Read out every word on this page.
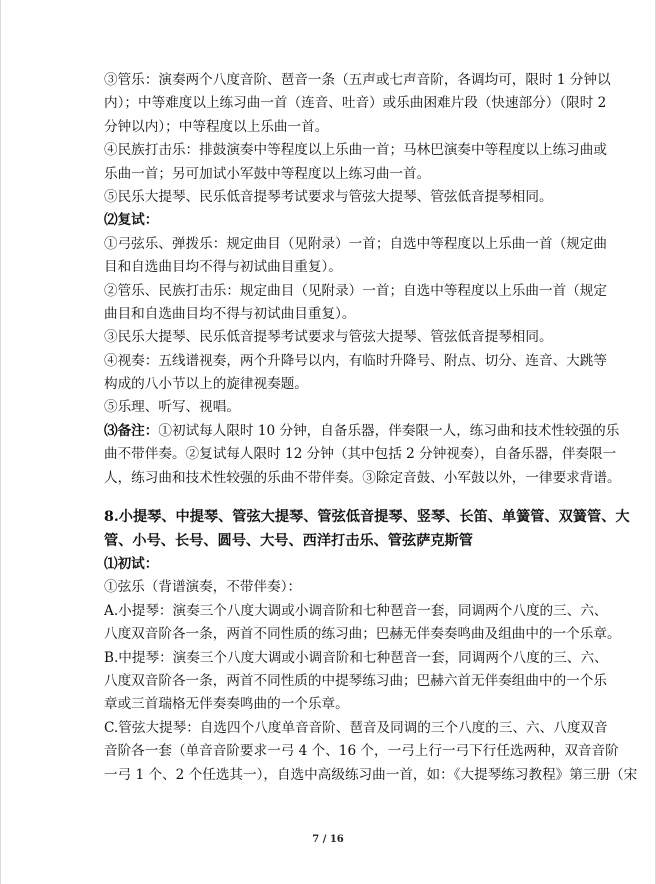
③管乐：演奏两个八度音阶、琶音一条（五声或七声音阶，各调均可，限时 1 分钟以
内）；中等难度以上练习曲一首（连音、吐音）或乐曲困难片段（快速部分）（限时 2
分钟以内）；中等程度以上乐曲一首。
④民族打击乐：排鼓演奏中等程度以上乐曲一首；马林巴演奏中等程度以上练习曲或
乐曲一首；另可加试小军鼓中等程度以上练习曲一首。
⑤民乐大提琴、民乐低音提琴考试要求与管弦大提琴、管弦低音提琴相同。
⑵复试：
①弓弦乐、弹拨乐：规定曲目（见附录）一首；自选中等程度以上乐曲一首（规定曲
目和自选曲目均不得与初试曲目重复）。
②管乐、民族打击乐：规定曲目（见附录）一首；自选中等程度以上乐曲一首（规定
曲目和自选曲目均不得与初试曲目重复）。
③民乐大提琴、民乐低音提琴考试要求与管弦大提琴、管弦低音提琴相同。
④视奏：五线谱视奏，两个升降号以内，有临时升降号、附点、切分、连音、大跳等
构成的八小节以上的旋律视奏题。
⑤乐理、听写、视唱。
⑶备注： ①初试每人限时 10 分钟，自备乐器，伴奏限一人，练习曲和技术性较强的乐
曲不带伴奏。②复试每人限时 12 分钟（其中包括 2 分钟视奏），自备乐器，伴奏限一
人，练习曲和技术性较强的乐曲不带伴奏。③除定音鼓、小军鼓以外，一律要求背谱。
8.小提琴、中提琴、管弦大提琴、管弦低音提琴、竖琴、长笛、单簧管、双簧管、大
管、小号、长号、圆号、大号、西洋打击乐、管弦萨克斯管
⑴初试：
①弦乐（背谱演奏，不带伴奏）：
A.小提琴：演奏三个八度大调或小调音阶和七种琶音一套，同调两个八度的三、六、
八度双音阶各一条，两首不同性质的练习曲；巴赫无伴奏奏鸣曲及组曲中的一个乐章。
B.中提琴：演奏三个八度大调或小调音阶和七种琶音一套，同调两个八度的三、六、
八度双音阶各一条，两首不同性质的中提琴练习曲；巴赫六首无伴奏组曲中的一个乐
章或三首瑞格无伴奏奏鸣曲的一个乐章。
C.管弦大提琴：自选四个八度单音音阶、琶音及同调的三个八度的三、六、八度双音
音阶各一套（单音音阶要求一弓 4 个、16 个，一弓上行一弓下行任选两种，双音音阶
一弓 1 个、2 个任选其一），自选中高级练习曲一首，如：《大提琴练习教程》第三册（宋
7 / 16
